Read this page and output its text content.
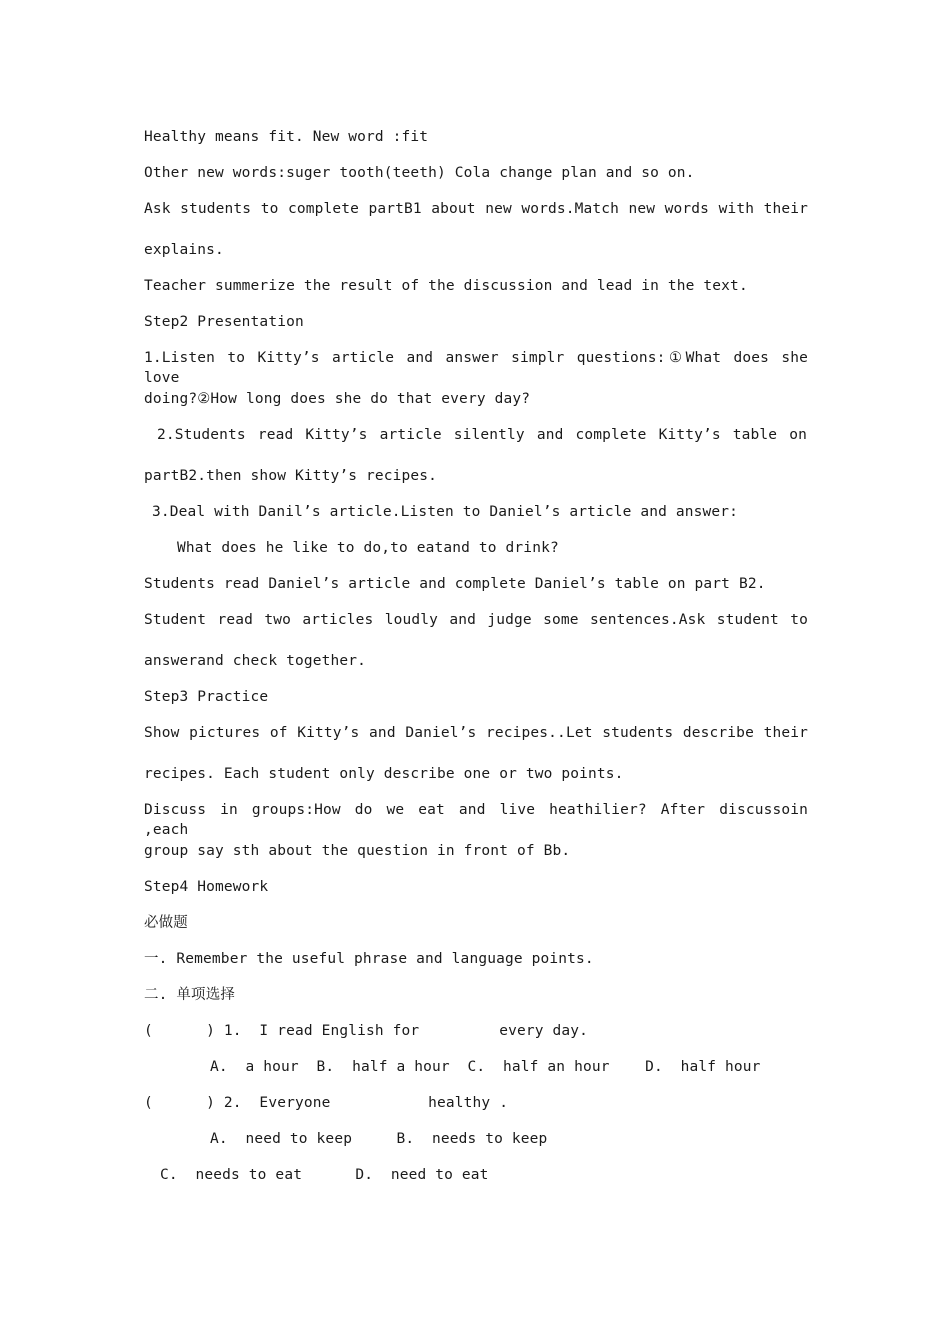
Healthy means fit. New word :fit
Other new words:suger tooth(teeth) Cola change plan and so on.
Ask students to complete partB1 about new words.Match new words with their
explains.
Teacher summerize the result of the discussion and lead in the text.
Step2 Presentation
1.Listen to Kitty’s article and answer simplr questions:①What does she love
doing?②How long does she do that every day?
2.Students read Kitty’s article silently and complete Kitty’s table on
partB2.then show Kitty’s recipes.
3.Deal with Danil’s article.Listen to Daniel’s article and answer:
What does he like to do,to eatand to drink?
Students read Daniel’s article and complete Daniel’s table on part B2.
Student read two articles loudly and judge some sentences.Ask student to
answerand check together.
Step3 Practice
Show pictures of Kitty’s and Daniel’s recipes..Let students describe their
recipes. Each student only describe one or two points.
Discuss in groups:How do we eat and live heathilier? After discussoin ,each
group say sth about the question in front of Bb.
Step4 Homework
必做题
一. Remember the useful phrase and language points.
二. 单项选择
(      ) 1.  I read English for         every day.
A.  a hour  B.  half a hour  C.  half an hour    D.  half hour
(      ) 2.  Everyone           healthy .
A.  need to keep     B.  needs to keep
C.  needs to eat      D.  need to eat
